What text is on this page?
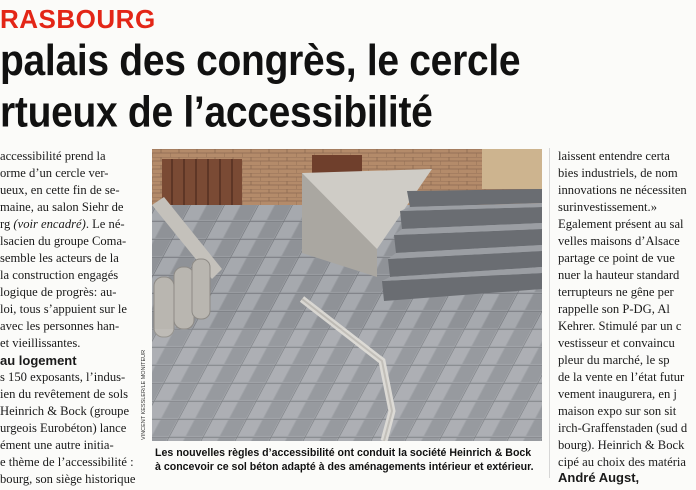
RASBOURG
palais des congrès, le cercle
rtueux de l’accessibilité

accessibilité prend la

orme d’un cercle ver-

ueux, en cette fin de se-

maine, au salon Siehr de

rg (voir encadré). Le né-

lsacien du groupe Coma-

semble les acteurs de la

la construction engagés

logique de progrès: au-

loi, tous s’appuient sur le

avec les personnes han-

et vieillissantes.

au logement

s 150 exposants, l’indus-

ien du revêtement de sols

Heinrich & Bock (groupe

urgeois Eurobéton) lance

ément une autre initia-

e thème de l’accessibilité :

bourg, son siège historique

VINCENT KESSLER/LE MONITEUR
Les nouvelles règles d’accessibilité ont conduit la société Heinrich & Bock
à concevoir ce sol béton adapté à des aménagements intérieur et extérieur.

laissent entendre certa

bies industriels, de nom

innovations ne nécessiten

surinvestissement.»

Egalement présent au sal

velles maisons d’Alsace

partage ce point de vue

nuer la hauteur standard

terrupteurs ne gêne per

rappelle son P-DG, Al

Kehrer. Stimulé par un c

vestisseur et convaincu

pleur du marché, le sp

de la vente en l’état futur

vement inaugurera, en j

maison expo sur son sit

irch-Graffenstaden (sud d

bourg). Heinrich & Bock

cipé au choix des matéria

André Augst,
